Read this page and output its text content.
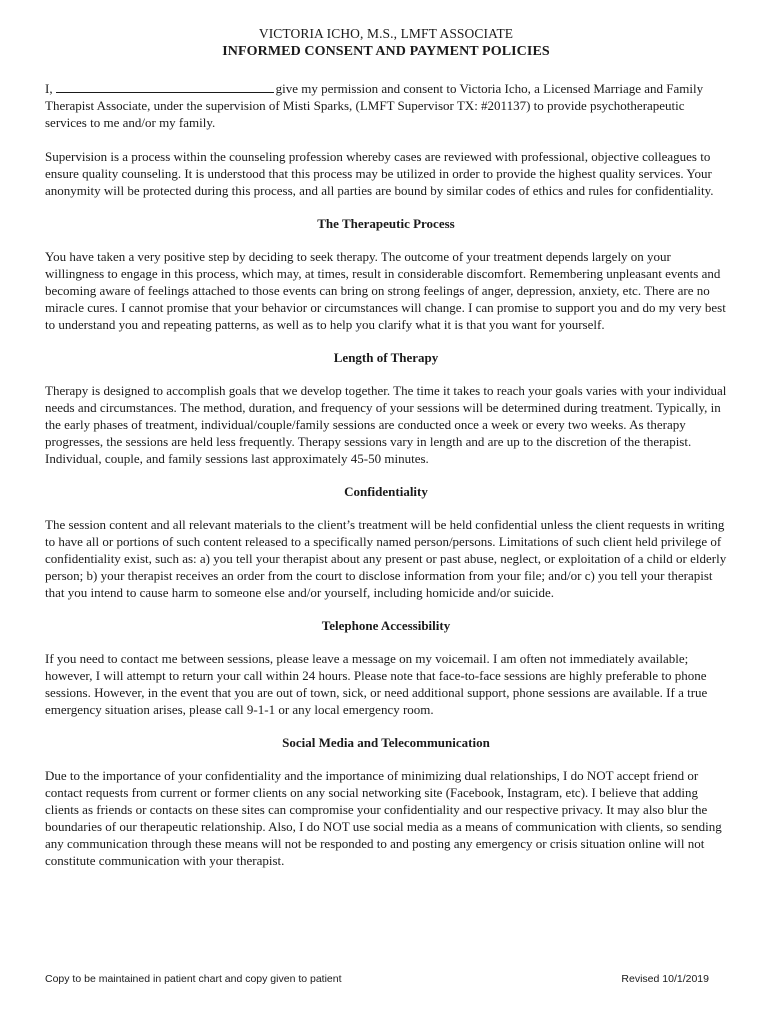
VICTORIA ICHO, M.S., LMFT ASSOCIATE
INFORMED CONSENT AND PAYMENT POLICIES

I,	give my permission and consent to Victoria Icho, a Licensed Marriage and Family Therapist Associate, under the supervision of Misti Sparks, (LMFT Supervisor TX: #201137) to provide psychotherapeutic services to me and/or my family.

Supervision is a process within the counseling profession whereby cases are reviewed with professional, objective colleagues to ensure quality counseling. It is understood that this process may be utilized in order to provide the highest quality services. Your anonymity will be protected during this process, and all parties are bound by similar codes of ethics and rules for confidentiality.

The Therapeutic Process

You have taken a very positive step by deciding to seek therapy. The outcome of your treatment depends largely on your willingness to engage in this process, which may, at times, result in considerable discomfort. Remembering unpleasant events and becoming aware of feelings attached to those events can bring on strong feelings of anger, depression, anxiety, etc. There are no miracle cures. I cannot promise that your behavior or circumstances will change. I can promise to support you and do my very best to understand you and repeating patterns, as well as to help you clarify what it is that you want for yourself.

Length of Therapy

Therapy is designed to accomplish goals that we develop together. The time it takes to reach your goals varies with your individual needs and circumstances. The method, duration, and frequency of your sessions will be determined during treatment. Typically, in the early phases of treatment, individual/couple/family sessions are conducted once a week or every two weeks. As therapy progresses, the sessions are held less frequently. Therapy sessions vary in length and are up to the discretion of the therapist. Individual, couple, and family sessions last approximately 45-50 minutes.

Confidentiality

The session content and all relevant materials to the client’s treatment will be held confidential unless the client requests in writing to have all or portions of such content released to a specifically named person/persons. Limitations of such client held privilege of confidentiality exist, such as: a) you tell your therapist about any present or past abuse, neglect, or exploitation of a child or elderly person; b) your therapist receives an order from the court to disclose information from your file; and/or c) you tell your therapist that you intend to cause harm to someone else and/or yourself, including homicide and/or suicide.

Telephone Accessibility

If you need to contact me between sessions, please leave a message on my voicemail. I am often not immediately available; however, I will attempt to return your call within 24 hours. Please note that face-to-face sessions are highly preferable to phone sessions. However, in the event that you are out of town, sick, or need additional support, phone sessions are available. If a true emergency situation arises, please call 9-1-1 or any local emergency room.

Social Media and Telecommunication

Due to the importance of your confidentiality and the importance of minimizing dual relationships, I do NOT accept friend or contact requests from current or former clients on any social networking site (Facebook, Instagram, etc). I believe that adding clients as friends or contacts on these sites can compromise your confidentiality and our respective privacy. It may also blur the boundaries of our therapeutic relationship. Also, I do NOT use social media as a means of communication with clients, so sending any communication through these means will not be responded to and posting any emergency or crisis situation online will not constitute communication with your therapist.

Copy to be maintained in patient chart and copy given to patient	Revised 10/1/2019
